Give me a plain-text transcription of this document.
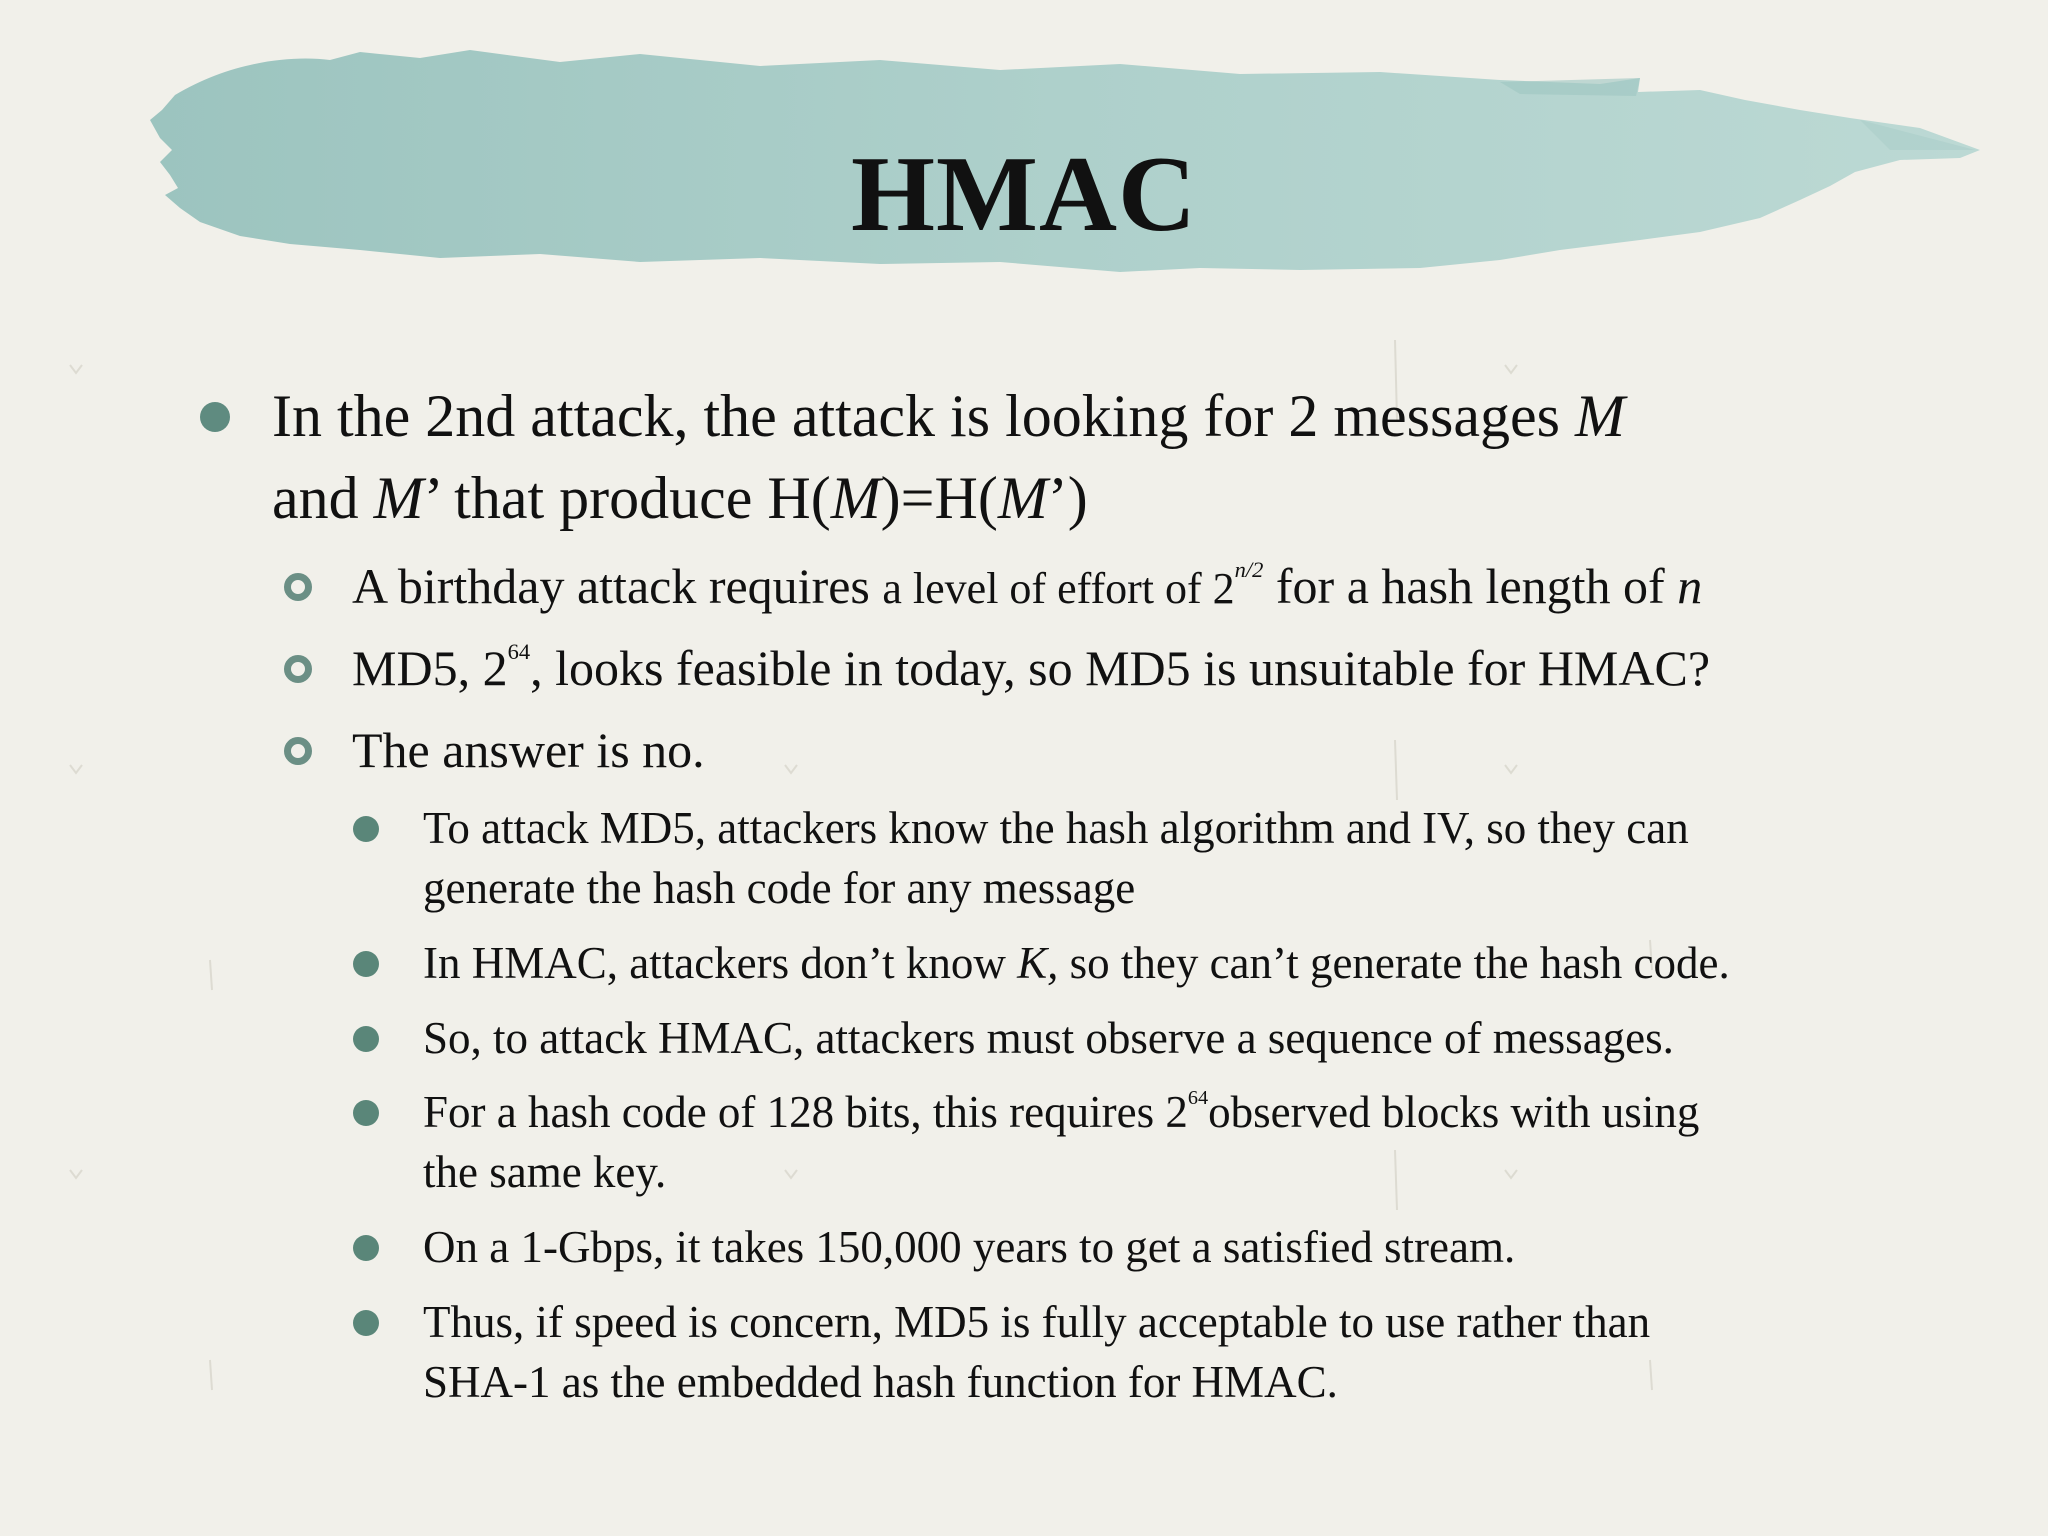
HMAC
In the 2nd attack, the attack is looking for 2 messages M
and M’ that produce H(M)=H(M’)
A birthday attack requires a level of effort of $2^{n/2}$ for a hash length of n
MD5, $2^{64}$, looks feasible in today, so MD5 is unsuitable for HMAC?
The answer is no.
To attack MD5, attackers know the hash algorithm and IV, so they can
generate the hash code for any message
In HMAC, attackers don’t know K, so they can’t generate the hash code.
So, to attack HMAC, attackers must observe a sequence of messages.
For a hash code of 128 bits, this requires $2^{64}observed$ blocks with using
the same key.
On a 1-Gbps, it takes 150,000 years to get a satisfied stream.
Thus, if speed is concern, MD5 is fully acceptable to use rather than
SHA-1 as the embedded hash function for HMAC.
